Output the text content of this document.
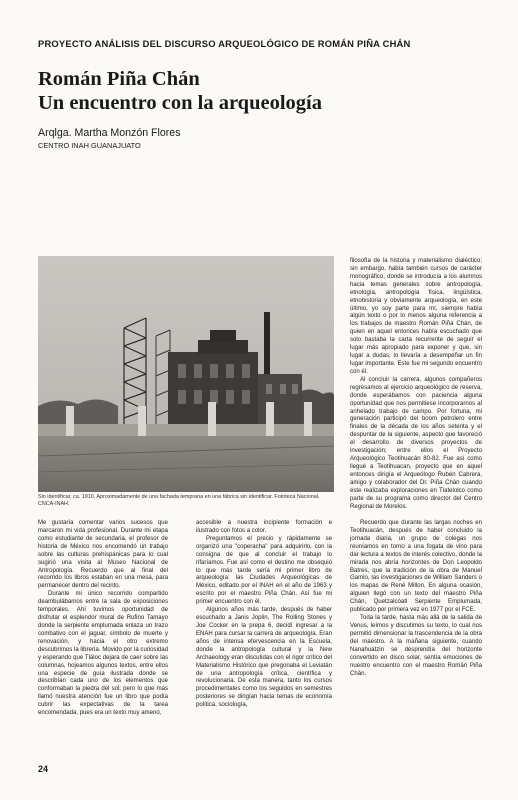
PROYECTO ANÁLISIS DEL DISCURSO ARQUEOLÓGICO DE ROMÁN PIÑA CHÁN
Román Piña Chán
Un encuentro con la arqueología
Arqlga. Martha Monzón Flores
CENTRO INAH GUANAJUATO
Sin identificar, ca. 1910. Aproximadamente de una fachada temprana en una fábrica sin identificar. Fototeca Nacional, CNCA-INAH.

filosofía de la historia y materialismo dialéctico; sin embargo, había también cursos de carácter monográfico, donde se introducía a los alumnos hacia temas generales sobre antropología, etnología, antropología física, lingüística, etnohistoria y obviamente arqueología, en este último, yo soy parte para mí, siempre había algún texto o por lo menos alguna referencia a los trabajos de maestro Román Piña Chán, de quien en aquel entonces había escuchado que solo bastaba la carta recurrente de seguir el lugar más apropiado para exponer y que, sin lugar a dudas, lo llevaría a desempeñar un fin lugar importante. Este fue mi segundo encuentro con él.

Al concluir la carrera, algunos compañeros regresamos al ejercicio arqueológico de reserva, donde esperábamos con paciencia alguna oportunidad que nos permitiese incorporarnos al anhelado trabajo de campo. Por fortuna, mi generación participó del boom petrolero entre finales de la década de los años setenta y el despuntar de la siguiente, aspecto que favoreció el desarrollo de diversos proyectos de investigación; entre ellos el Proyecto Arqueológico Teotihuacán 80-82. Fue así como llegué a Teotihuacan, proyecto que en aquel entonces dirigía el Arqueólogo Rubén Cabrera, amigo y colaborador del Dr. Piña Chán cuando éste realizaba exploraciones en Tlatelolco como parte de su programa como director del Centro Regional de Morelos.

Me gustaría comentar varios sucesos que marcaron mi vida profesional. Durante mi etapa como estudiante de secundaria, el profesor de historia de México nos encomendó un trabajo sobre las culturas prehispánicas para lo cual sugirió una visita al Museo Nacional de Antropología. Recuerdo que al final del recorrido los libros estaban en una mesa, para permanecer dentro del recinto.

Durante mi único recorrido compartido deambulábamos entre la sala de exposiciones temporales. Ahí tuvimos oportunidad de disfrutar el esplendor mural de Rufino Tamayo donde la serpiente emplumada enlaza un trazo combativo con el jaguar, símbolo de muerte y renovación, y hacia el otro extremo descubrimos la librería. Movido por la curiosidad y esperando que Tláloc dejara de caer sobre las columnas, hojeamos algunos textos, entre ellos una especie de guía ilustrada donde se describían cada uno de los elementos que conformaban la piedra del sol; pero lo que más llamó nuestra atención fue un libro que podía cubrir las expectativas de la tarea encomendada, pues era un texto muy ameno,

accesible a nuestra incipiente formación e ilustrado con fotos a color.

Preguntamos el precio y rápidamente se organizó una "coperacha" para adquirirlo, con la consigna de que al concluir el trabajo lo rifaríamos. Fue así como el destino me obsequió lo que más tarde sería mi primer libro de arqueología: las Ciudades Arqueológicas de México, editado por el INAH en el año de 1963 y escrito por el maestro Piña Chán. Así fue mi primer encuentro con él.

Algunos años más tarde, después de haber escuchado a Janis Joplin, The Rolling Stones y Joe Cocker en la prepa 6, decidí ingresar a la ENAH para cursar la carrera de arqueología. Eran años de intensa efervescencia en la Escuela, donde la antropología cultural y la New Archaeology eran discutidas con el rigor crítico del Materialismo Histórico que pregonaba el Leviatán de una antropología crítica, científica y revolucionaria. De esta manera, tanto los cursos procedimentales como los seguidos en semestres posteriores se dirigían hacia temas de economía política, sociología,

Recuerdo que durante las largas noches en Teotihuacán, después de haber concluido la jornada diaria, un grupo de colegas nos reuníamos en torno a una fogata de vino para dar lectura a textos de interés colectivo, donde la mirada nos abría horizontes de Don Leopoldo Batres, que la tradición de la obra de Manuel Gamio, las investigaciones de William Sanders o los mapas de René Millon. En alguna ocasión, alguien llegó con un texto del maestro Piña Chán, Quetzalcóatl Serpiente Emplumada, publicado por primera vez en 1977 por el FCE.

Toda la tarde, hasta más allá de la salida de Venus, leímos y discutimos su texto, lo cual nos permitió dimensionar la trascendencia de la obra del maestro. A la mañana siguiente, cuando Nanahuatzin se desprendía del horizonte convertido en disco solar, sentía emociones de nuestro encuentro con el maestro Román Piña Chán.

24
